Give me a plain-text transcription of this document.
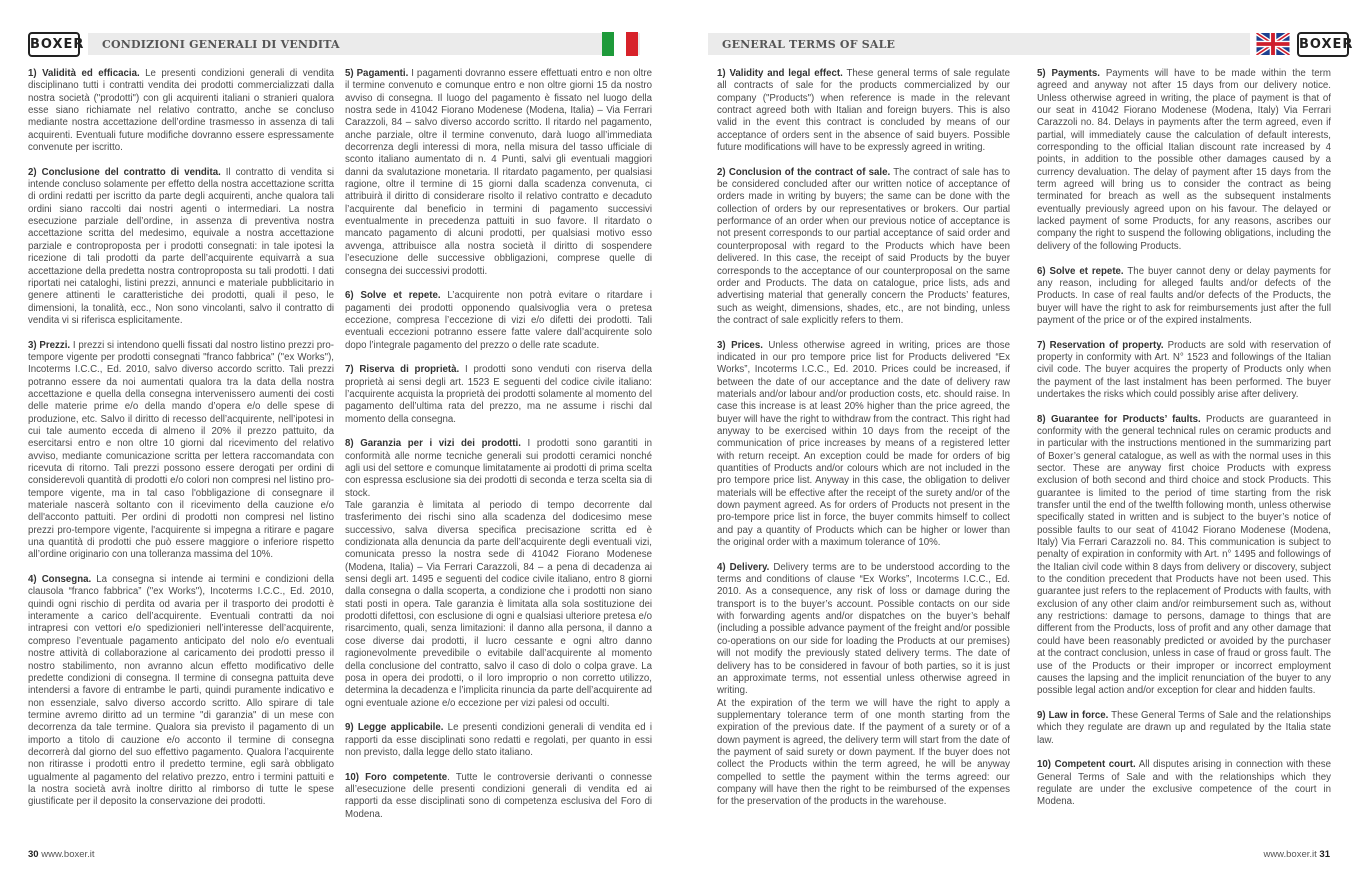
BOXER CONDIZIONI GENERALI DI VENDITA	GENERAL TERMS OF SALE	BOXER

1) Validità ed efficacia. Le presenti condizioni generali di vendita disciplinano tutti i contratti vendita dei prodotti commercializzati dalla nostra società ("prodotti") con gli acquirenti italiani o stranieri qualora esse siano richiamate nel relativo contratto, anche se concluso mediante nostra accettazione dell’ordine trasmesso in assenza di tali acquirenti. Eventuali future modifiche dovranno essere espressamente convenute per iscritto.

2) Conclusione del contratto di vendita. Il contratto di vendita si intende concluso solamente per effetto della nostra accettazione scritta di ordini redatti per iscritto da parte degli acquirenti, anche qualora tali ordini siano raccolti dai nostri agenti o intermediari. La nostra esecuzione parziale dell’ordine, in assenza di preventiva nostra accettazione scritta del medesimo, equivale a nostra accettazione parziale e controproposta per i prodotti consegnati: in tale ipotesi la ricezione di tali prodotti da parte dell’acquirente equivarrà a sua accettazione della predetta nostra controproposta su tali prodotti. I dati riportati nei cataloghi, listini prezzi, annunci e materiale pubblicitario in genere attinenti le caratteristiche dei prodotti, quali il peso, le dimensioni, la tonalità, ecc., Non sono vincolanti, salvo il contratto di vendita vi si riferisca esplicitamente.

3) Prezzi. I prezzi si intendono quelli fissati dal nostro listino prezzi pro-tempore vigente per prodotti consegnati "franco fabbrica" ("ex Works"), Incoterms I.C.C., Ed. 2010, salvo diverso accordo scritto. Tali prezzi potranno essere da noi aumentati qualora tra la data della nostra accettazione e quella della consegna intervenissero aumenti dei costi delle materie prime e/o della mando d’opera e/o delle spese di produzione, etc. Salvo il diritto di recesso dell’acquirente, nell’ipotesi in cui tale aumento ecceda di almeno il 20% il prezzo pattuito, da esercitarsi entro e non oltre 10 giorni dal ricevimento del relativo avviso, mediante comunicazione scritta per lettera raccomandata con ricevuta di ritorno. Tali prezzi possono essere derogati per ordini di considerevoli quantità di prodotti e/o colori non compresi nel listino pro-tempore vigente, ma in tal caso l'obbligazione di consegnare il materiale nascerà soltanto con il ricevimento della cauzione e/o dell'acconto pattuiti. Per ordini di prodotti non compresi nel listino prezzi pro-tempore vigente, l'acquirente si impegna a ritirare e pagare una quantità di prodotti che può essere maggiore o inferiore rispetto all’ordine originario con una tolleranza massima del 10%.

4) Consegna. La consegna si intende ai termini e condizioni della clausola “franco fabbrica” ("ex Works"), Incoterms I.C.C., Ed. 2010, quindi ogni rischio di perdita od avaria per il trasporto dei prodotti è interamente a carico dell’acquirente. Eventuali contratti da noi intrapresi con vettori e/o spedizionieri nell’interesse dell’acquirente, compreso l’eventuale pagamento anticipato del nolo e/o eventuali nostre attività di collaborazione al caricamento dei prodotti presso il nostro stabilimento, non avranno alcun effetto modificativo delle predette condizioni di consegna. Il termine di consegna pattuita deve intendersi a favore di entrambe le parti, quindi puramente indicativo e non essenziale, salvo diverso accordo scritto. Allo spirare di tale termine avremo diritto ad un termine "di garanzia" di un mese con decorrenza da tale termine. Qualora sia previsto il pagamento di un importo a titolo di cauzione e/o acconto il termine di consegna decorrerà dal giorno del suo effettivo pagamento. Qualora l’acquirente non ritirasse i prodotti entro il predetto termine, egli sarà obbligato ugualmente al pagamento del relativo prezzo, entro i termini pattuiti e la nostra società avrà inoltre diritto al rimborso di tutte le spese giustificate per il deposito la conservazione dei prodotti.

5) Pagamenti. I pagamenti dovranno essere effettuati entro e non oltre il termine convenuto e comunque entro e non oltre giorni 15 da nostro avviso di consegna. Il luogo del pagamento è fissato nel luogo della nostra sede in 41042 Fiorano Modenese (Modena, Italia) – Via Ferrari Carazzoli, 84 – salvo diverso accordo scritto. Il ritardo nel pagamento, anche parziale, oltre il termine convenuto, darà luogo all’immediata decorrenza degli interessi di mora, nella misura del tasso ufficiale di sconto italiano aumentato di n. 4 Punti, salvi gli eventuali maggiori danni da svalutazione monetaria. Il ritardato pagamento, per qualsiasi ragione, oltre il termine di 15 giorni dalla scadenza convenuta, ci attribuirà il diritto di considerare risolto il relativo contratto e decaduto l’acquirente dal beneficio in termini di pagamento successivi eventualmente in precedenza pattuiti in suo favore. Il ritardato o mancato pagamento di alcuni prodotti, per qualsiasi motivo esso avvenga, attribuisce alla nostra società il diritto di sospendere l’esecuzione delle successive obbligazioni, comprese quelle di consegna dei successivi prodotti.

6) Solve et repete. L’acquirente non potrà evitare o ritardare i pagamenti dei prodotti opponendo qualsivoglia vera o pretesa eccezione, compresa l’eccezione di vizi e/o difetti dei prodotti. Tali eventuali eccezioni potranno essere fatte valere dall’acquirente solo dopo l’integrale pagamento del prezzo o delle rate scadute.

7) Riserva di proprietà. I prodotti sono venduti con riserva della proprietà ai sensi degli art. 1523 E seguenti del codice civile italiano: l’acquirente acquista la proprietà dei prodotti solamente al momento del pagamento dell’ultima rata del prezzo, ma ne assume i rischi dal momento della consegna.

8) Garanzia per i vizi dei prodotti. I prodotti sono garantiti in conformità alle norme tecniche generali sui prodotti ceramici nonché agli usi del settore e comunque limitatamente ai prodotti di prima scelta con espressa esclusione sia dei prodotti di seconda e terza scelta sia di stock.

Tale garanzia è limitata al periodo di tempo decorrente dal trasferimento dei rischi sino alla scadenza del dodicesimo mese successivo, salva diversa specifica precisazione scritta ed è condizionata alla denuncia da parte dell’acquirente degli eventuali vizi, comunicata presso la nostra sede di 41042 Fiorano Modenese (Modena, Italia) – Via Ferrari Carazzoli, 84 – a pena di decadenza ai sensi degli art. 1495 e seguenti del codice civile italiano, entro 8 giorni dalla consegna o dalla scoperta, a condizione che i prodotti non siano stati posti in opera. Tale garanzia è limitata alla sola sostituzione dei prodotti difettosi, con esclusione di ogni e qualsiasi ulteriore pretesa e/o risarcimento, quali, senza limitazioni: il danno alla persona, il danno a cose diverse dai prodotti, il lucro cessante e ogni altro danno ragionevolmente prevedibile o evitabile dall’acquirente al momento della conclusione del contratto, salvo il caso di dolo o colpa grave. La posa in opera dei prodotti, o il loro improprio o non corretto utilizzo, determina la decadenza e l’implicita rinuncia da parte dell’acquirente ad ogni eventuale azione e/o eccezione per vizi palesi od occulti.

9) Legge applicabile. Le presenti condizioni generali di vendita ed i rapporti da esse disciplinati sono redatti e regolati, per quanto in essi non previsto, dalla legge dello stato italiano.

10) Foro competente. Tutte le controversie derivanti o connesse all’esecuzione delle presenti condizioni generali di vendita ed ai rapporti da esse disciplinati sono di competenza esclusiva del Foro di Modena.

1) Validity and legal effect. These general terms of sale regulate all contracts of sale for the products commercialized by our company ("Products") when reference is made in the relevant contract agreed both with Italian and foreign buyers. This is also valid in the event this contract is concluded by means of our acceptance of orders sent in the absence of said buyers. Possible future modifications will have to be expressly agreed in writing.

2) Conclusion of the contract of sale. The contract of sale has to be considered concluded after our written notice of acceptance of orders made in writing by buyers; the same can be done with the collection of orders by our representatives or brokers. Our partial performance of an order when our previous notice of acceptance is not present corresponds to our partial acceptance of said order and counterproposal with regard to the Products which have been delivered. In this case, the receipt of said Products by the buyer corresponds to the acceptance of our counterproposal on the same order and Products. The data on catalogue, price lists, ads and advertising material that generally concern the Products’ features, such as weight, dimensions, shades, etc., are not binding, unless the contract of sale explicitly refers to them.

3) Prices. Unless otherwise agreed in writing, prices are those indicated in our pro tempore price list for Products delivered “Ex Works”, Incoterms I.C.C., Ed. 2010. Prices could be increased, if between the date of our acceptance and the date of delivery raw materials and/or labour and/or production costs, etc. should raise. In case this increase is at least 20% higher than the price agreed, the buyer will have the right to withdraw from the contract. This right had anyway to be exercised within 10 days from the receipt of the communication of price increases by means of a registered letter with return receipt. An exception could be made for orders of big quantities of Products and/or colours which are not included in the pro tempore price list. Anyway in this case, the obligation to deliver materials will be effective after the receipt of the surety and/or of the down payment agreed. As for orders of Products not present in the pro-tempore price list in force, the buyer commits himself to collect and pay a quantity of Products which can be higher or lower than the original order with a maximum tolerance of 10%.

4) Delivery. Delivery terms are to be understood according to the terms and conditions of clause “Ex Works”, Incoterms I.C.C., Ed. 2010. As a consequence, any risk of loss or damage during the transport is to the buyer’s account. Possible contacts on our side with forwarding agents and/or dispatches on the buyer’s behalf (including a possible advance payment of the freight and/or possible co-operations on our side for loading the Products at our premises) will not modify the previously stated delivery terms. The date of delivery has to be considered in favour of both parties, so it is just an approximate terms, not essential unless otherwise agreed in writing.

At the expiration of the term we will have the right to apply a supplementary tolerance term of one month starting from the expiration of the previous date. If the payment of a surety or of a down payment is agreed, the delivery term will start from the date of the payment of said surety or down payment. If the buyer does not collect the Products within the term agreed, he will be anyway compelled to settle the payment within the terms agreed: our company will have then the right to be reimbursed of the expenses for the preservation of the products in the warehouse.

5) Payments. Payments will have to be made within the term agreed and anyway not after 15 days from our delivery notice. Unless otherwise agreed in writing, the place of payment is that of our seat in 41042 Fiorano Modenese (Modena, Italy) Via Ferrari Carazzoli no. 84. Delays in payments after the term agreed, even if partial, will immediately cause the calculation of default interests, corresponding to the official Italian discount rate increased by 4 points, in addition to the possible other damages caused by a currency devaluation. The delay of payment after 15 days from the term agreed will bring us to consider the contract as being terminated for breach as well as the subsequent instalments eventually previously agreed upon on his favour. The delayed or lacked payment of some Products, for any reasons, ascribes our company the right to suspend the following obligations, including the delivery of the following Products.

6) Solve et repete. The buyer cannot deny or delay payments for any reason, including for alleged faults and/or defects of the Products. In case of real faults and/or defects of the Products, the buyer will have the right to ask for reimbursements just after the full payment of the price or of the expired instalments.

7) Reservation of property. Products are sold with reservation of property in conformity with Art. N° 1523 and followings of the Italian civil code. The buyer acquires the property of Products only when the payment of the last instalment has been performed. The buyer undertakes the risks which could possibly arise after delivery.

8) Guarantee for Products’ faults. Products are guaranteed in conformity with the general technical rules on ceramic products and in particular with the instructions mentioned in the summarizing part of Boxer’s general catalogue, as well as with the normal uses in this sector. These are anyway first choice Products with express exclusion of both second and third choice and stock Products. This guarantee is limited to the period of time starting from the risk transfer until the end of the twelfth following month, unless otherwise specifically stated in written and is subject to the buyer’s notice of possible faults to our seat of 41042 Fiorano Modenese (Modena, Italy) Via Ferrari Carazzoli no. 84. This communication is subject to penalty of expiration in conformity with Art. n° 1495 and followings of the Italian civil code within 8 days from delivery or discovery, subject to the condition precedent that Products have not been used. This guarantee just refers to the replacement of Products with faults, with exclusion of any other claim and/or reimbursement such as, without any restrictions: damage to persons, damage to things that are different from the Products, loss of profit and any other damage that could have been reasonably predicted or avoided by the purchaser at the contract conclusion, unless in case of fraud or gross fault. The use of the Products or their improper or incorrect employment causes the lapsing and the implicit renunciation of the buyer to any possible legal action and/or exception for clear and hidden faults.

9) Law in force. These General Terms of Sale and the relationships which they regulate are drawn up and regulated by the Italia state law.

10) Competent court. All disputes arising in connection with these General Terms of Sale and with the relationships which they regulate are under the exclusive competence of the court in Modena.

30 www.boxer.it	www.boxer.it 31
